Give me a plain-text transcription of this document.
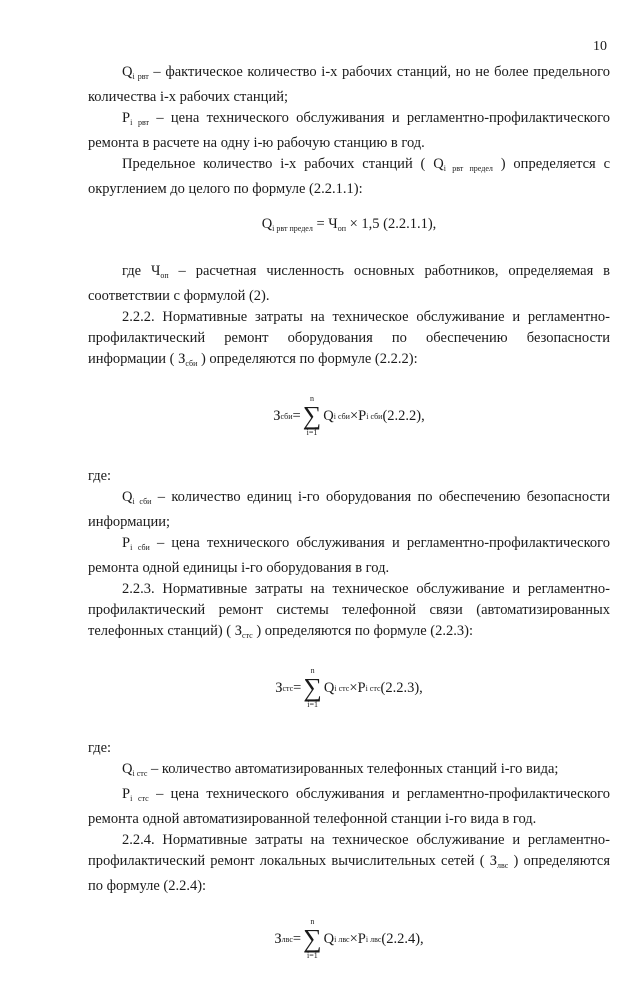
10

$Q_{i рвт}$ – фактическое количество i-х рабочих станций, но не более предельного количества i-х рабочих станций;

$P_{i рвт}$ – цена технического обслуживания и регламентно-профилактического ремонта в расчете на одну i-ю рабочую станцию в год.

Предельное количество i-х рабочих станций ( $Q_{i рвт предел}$ ) определяется с округлением до целого по формуле (2.2.1.1):

$Q_{i рвт предел} = Ч_{оп} \times 1,5$ (2.2.1.1),

где $Ч_{оп}$ – расчетная численность основных работников, определяемая в соответствии с формулой (2).

2.2.2. Нормативные затраты на техническое обслуживание и регламентно-профилактический ремонт оборудования по обеспечению безопасности информации ( $З_{сби}$ ) определяются по формуле (2.2.2):

З сби =
n
∑
i=1
Q i сби × P i сби (2.2.2),

где:

$Q_{i сби}$ – количество единиц i-го оборудования по обеспечению безопасности информации;

$P_{i сби}$ – цена технического обслуживания и регламентно-профилактического ремонта одной единицы i-го оборудования в год.

2.2.3. Нормативные затраты на техническое обслуживание и регламентно-профилактический ремонт системы телефонной связи (автоматизированных телефонных станций) ( $З_{стс}$ ) определяются по формуле (2.2.3):

З стс =
n
∑
i=1
Q i стс × P i стс (2.2.3),

где:

$Q_{i стс}$ – количество автоматизированных телефонных станций i-го вида;

$P_{i стс}$ – цена технического обслуживания и регламентно-профилактического ремонта одной автоматизированной телефонной станции i-го вида в год.

2.2.4. Нормативные затраты на техническое обслуживание и регламентно-профилактический ремонт локальных вычислительных сетей ( $З_{лвс}$ ) определяются по формуле (2.2.4):

З лвс =
n
∑
i=1
Q i лвс × P i лвс (2.2.4),
